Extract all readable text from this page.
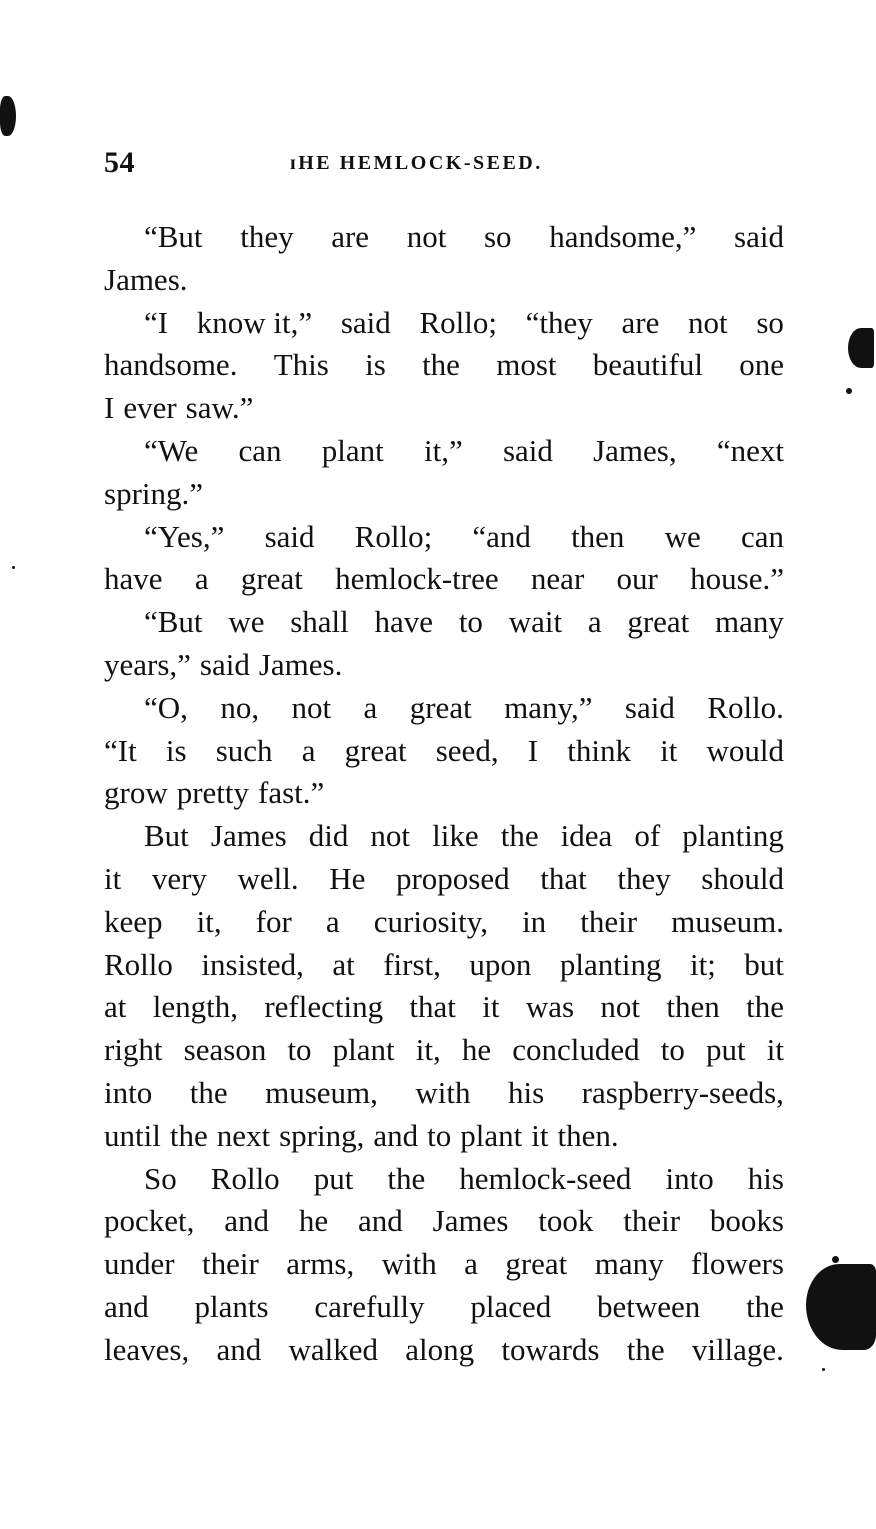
54	ɪHE HEMLOCK-SEED.
“But they are not so handsome,” said
James.
“I know it,” said Rollo; “they are not so
handsome. This is the most beautiful one
I ever saw.”
“We can plant it,” said James, “next
spring.”
“Yes,” said Rollo; “and then we can
have a great hemlock-tree near our house.”
“But we shall have to wait a great many
years,” said James.
“O, no, not a great many,” said Rollo.
“It is such a great seed, I think it would
grow pretty fast.”
But James did not like the idea of planting
it very well. He proposed that they should
keep it, for a curiosity, in their museum.
Rollo insisted, at first, upon planting it; but
at length, reflecting that it was not then the
right season to plant it, he concluded to put it
into the museum, with his raspberry-seeds,
until the next spring, and to plant it then.
So Rollo put the hemlock-seed into his
pocket, and he and James took their books
under their arms, with a great many flowers
and plants carefully placed between the
leaves, and walked along towards the village.
